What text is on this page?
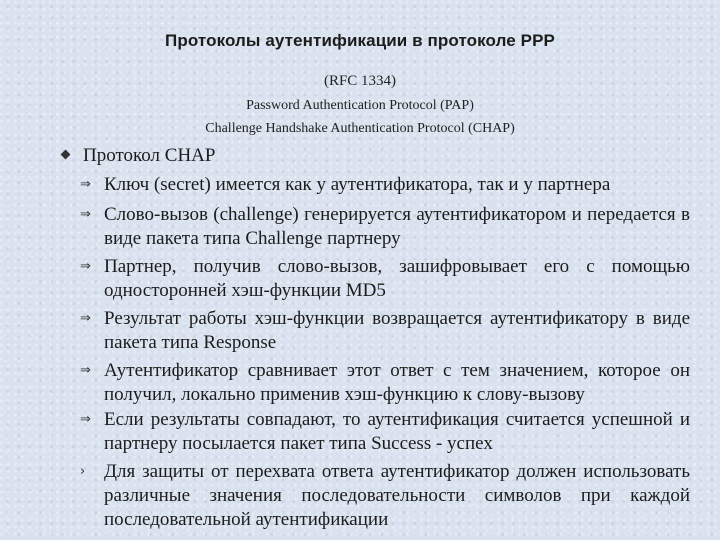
Протоколы аутентификации в протоколе PPP
(RFC 1334)
Password Authentication Protocol (PAP)
Challenge Handshake Authentication Protocol (CHAP)
Протокол CHAP
⇒ Ключ (secret) имеется как у аутентификатора, так и у партнера
⇒ Слово-вызов (challenge) генерируется аутентификатором и передается в виде пакета типа Challenge партнеру
⇒ Партнер, получив слово-вызов, зашифровывает его с помощью односторонней хэш-функции MD5
⇒ Результат работы хэш-функции возвращается аутентификатору в виде пакета типа Response
⇒ Аутентификатор сравнивает этот ответ с тем значением, которое он получил, локально применив хэш-функцию к слову-вызову
⇒ Если результаты совпадают, то аутентификация считается успешной и партнеру посылается пакет типа Success - успех
› Для защиты от перехвата ответа аутентификатор должен использовать различные значения последовательности символов при каждой последовательной аутентификации
